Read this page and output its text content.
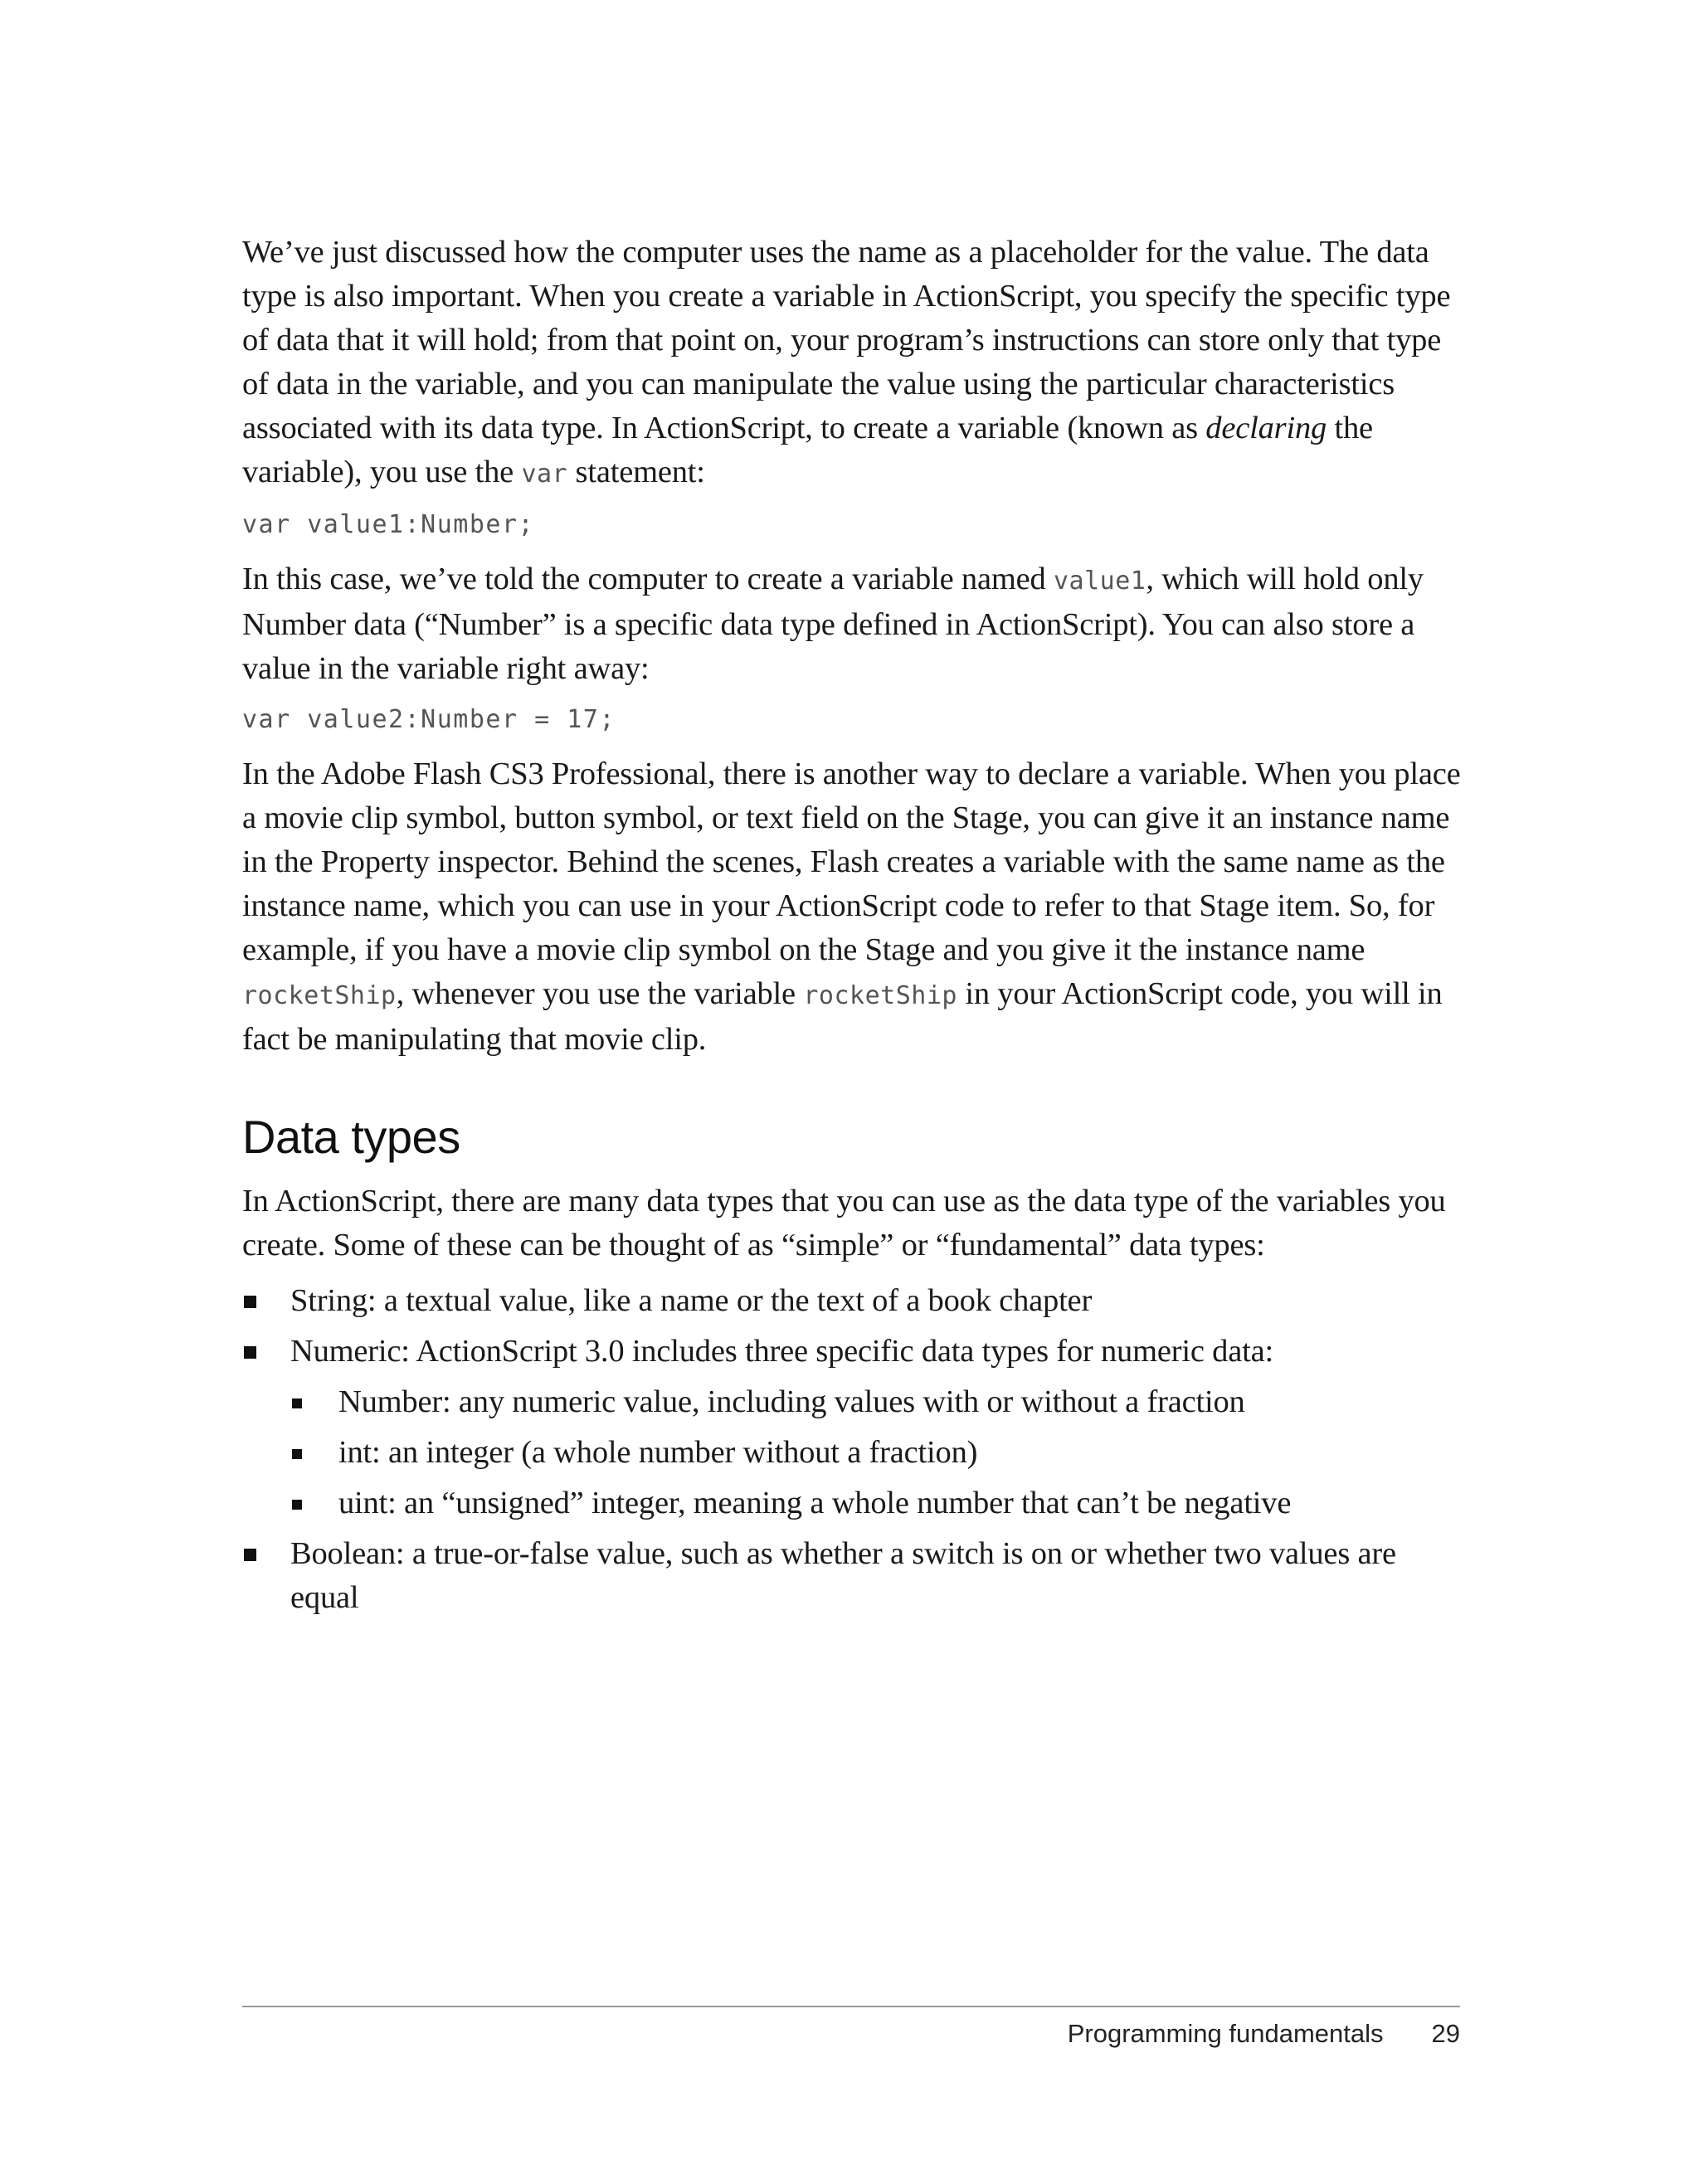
We’ve just discussed how the computer uses the name as a placeholder for the value. The data type is also important. When you create a variable in ActionScript, you specify the specific type of data that it will hold; from that point on, your program’s instructions can store only that type of data in the variable, and you can manipulate the value using the particular characteristics associated with its data type. In ActionScript, to create a variable (known as declaring the variable), you use the var statement:

var value1:Number;

In this case, we’ve told the computer to create a variable named value1, which will hold only Number data (“Number” is a specific data type defined in ActionScript). You can also store a value in the variable right away:

var value2:Number = 17;

In the Adobe Flash CS3 Professional, there is another way to declare a variable. When you place a movie clip symbol, button symbol, or text field on the Stage, you can give it an instance name in the Property inspector. Behind the scenes, Flash creates a variable with the same name as the instance name, which you can use in your ActionScript code to refer to that Stage item. So, for example, if you have a movie clip symbol on the Stage and you give it the instance name rocketShip, whenever you use the variable rocketShip in your ActionScript code, you will in fact be manipulating that movie clip.

Data types

In ActionScript, there are many data types that you can use as the data type of the variables you create. Some of these can be thought of as “simple” or “fundamental” data types:

String: a textual value, like a name or the text of a book chapter
Numeric: ActionScript 3.0 includes three specific data types for numeric data:
Number: any numeric value, including values with or without a fraction
int: an integer (a whole number without a fraction)
uint: an “unsigned” integer, meaning a whole number that can’t be negative
Boolean: a true-or-false value, such as whether a switch is on or whether two values are equal
Programming fundamentals 29
